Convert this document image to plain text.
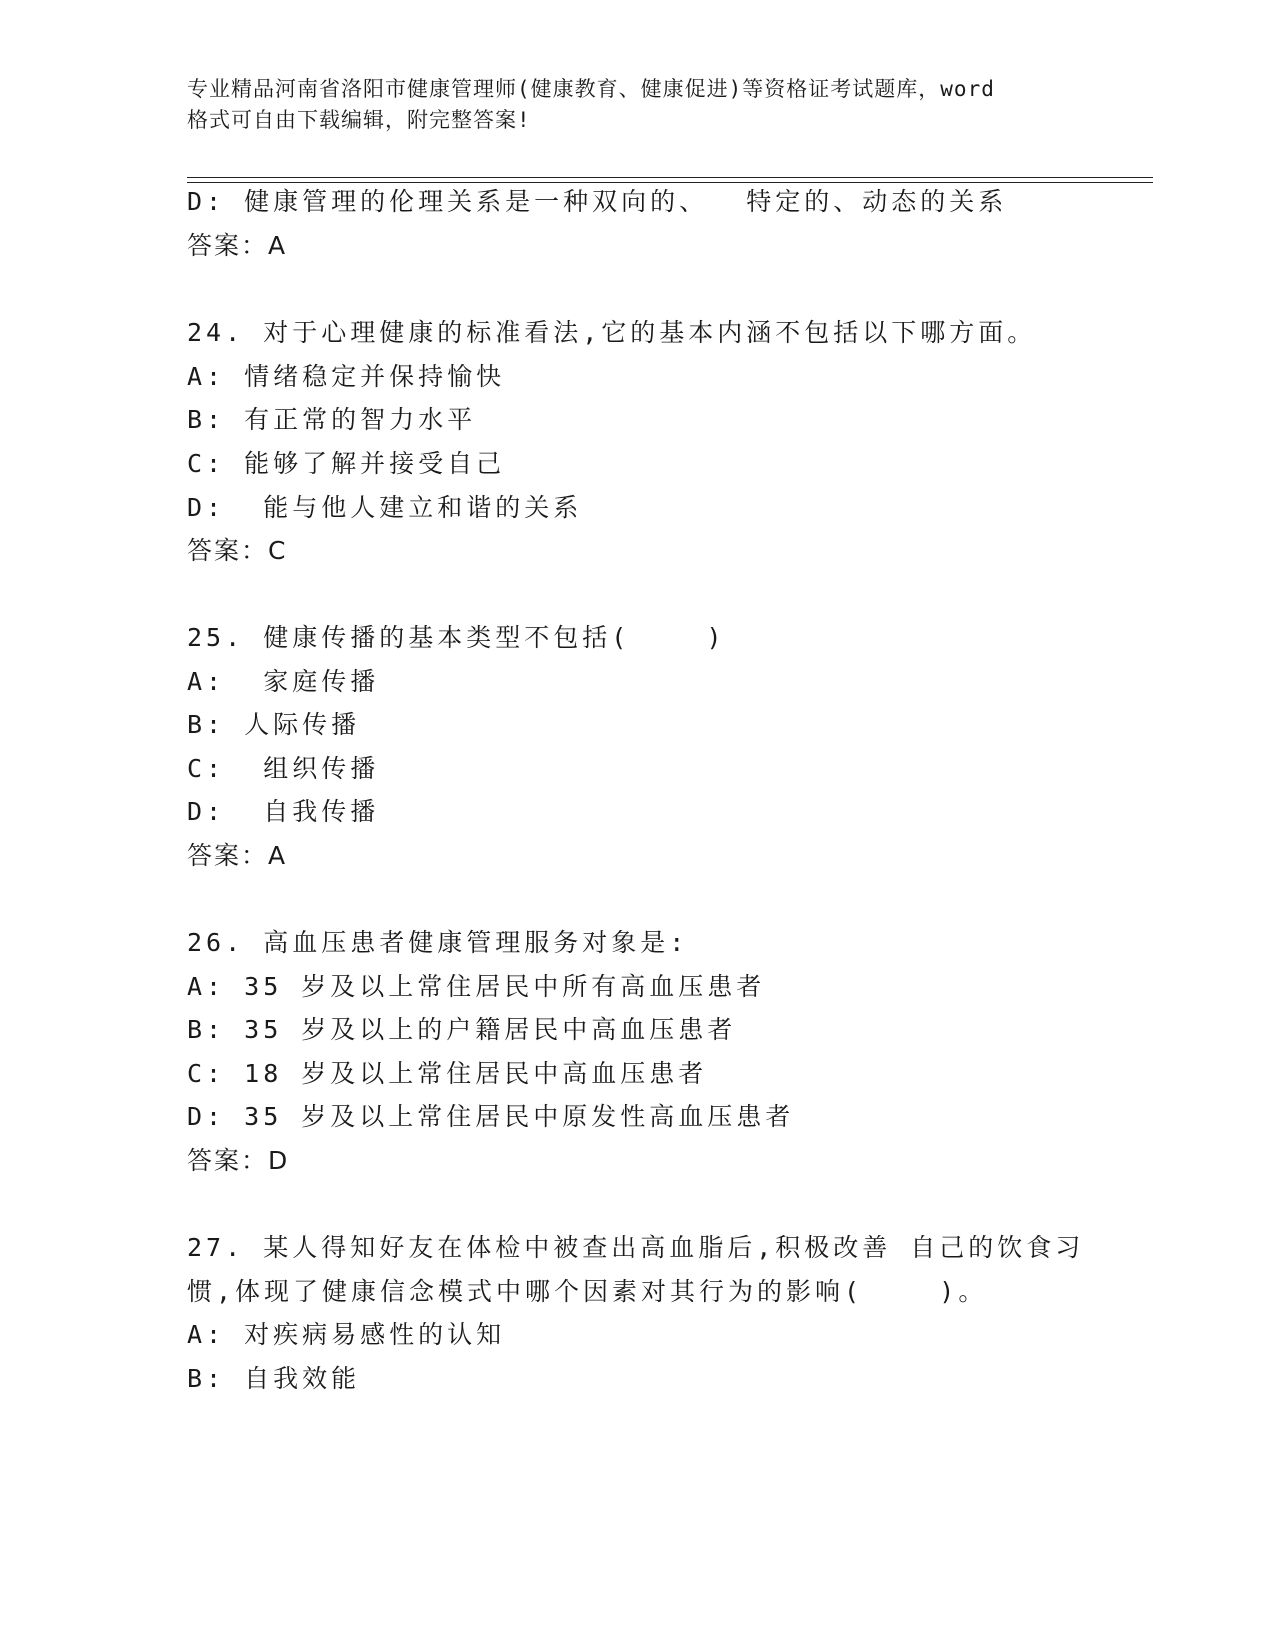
专业精品河南省洛阳市健康管理师(健康教育、健康促进)等资格证考试题库，word
格式可自由下载编辑，附完整答案!
D: 健康管理的伦理关系是一种双向的、  特定的、动态的关系
答案：A
24. 对于心理健康的标准看法,它的基本内涵不包括以下哪方面。
A: 情绪稳定并保持愉快
B: 有正常的智力水平
C: 能够了解并接受自己
D:  能与他人建立和谐的关系
答案：C
25. 健康传播的基本类型不包括(    )
A:  家庭传播
B: 人际传播
C:  组织传播
D:  自我传播
答案：A
26. 高血压患者健康管理服务对象是:
A: 35 岁及以上常住居民中所有高血压患者
B: 35 岁及以上的户籍居民中高血压患者
C: 18 岁及以上常住居民中高血压患者
D: 35 岁及以上常住居民中原发性高血压患者
答案：D
27. 某人得知好友在体检中被查出高血脂后,积极改善 自己的饮食习
惯,体现了健康信念模式中哪个因素对其行为的影响(    )。
A: 对疾病易感性的认知
B: 自我效能
